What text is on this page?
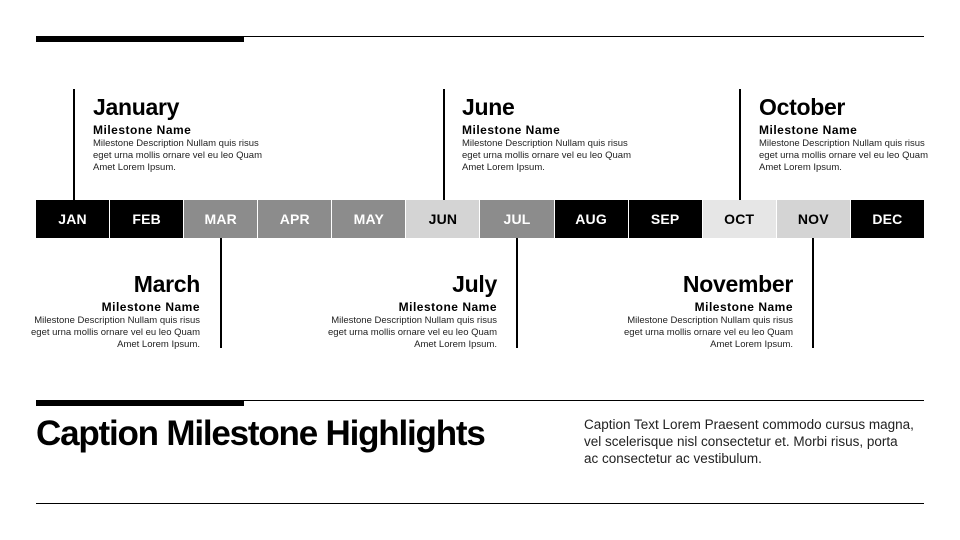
January
Milestone Name
Milestone Description Nullam quis risus eget urna mollis ornare vel eu leo Quam Amet Lorem Ipsum.
June
Milestone Name
Milestone Description Nullam quis risus eget urna mollis ornare vel eu leo Quam Amet Lorem Ipsum.
October
Milestone Name
Milestone Description Nullam quis risus eget urna mollis ornare vel eu leo Quam Amet Lorem Ipsum.
JAN	FEB	MAR	APR	MAY	JUN	JUL	AUG	SEP	OCT	NOV	DEC
March
Milestone Name
Milestone Description Nullam quis risus eget urna mollis ornare vel eu leo Quam Amet Lorem Ipsum.
July
Milestone Name
Milestone Description Nullam quis risus eget urna mollis ornare vel eu leo Quam Amet Lorem Ipsum.
November
Milestone Name
Milestone Description Nullam quis risus eget urna mollis ornare vel eu leo Quam Amet Lorem Ipsum.
Caption Milestone Highlights	Caption Text Lorem Praesent commodo cursus magna, vel scelerisque nisl consectetur et. Morbi risus, porta ac consectetur ac vestibulum.
